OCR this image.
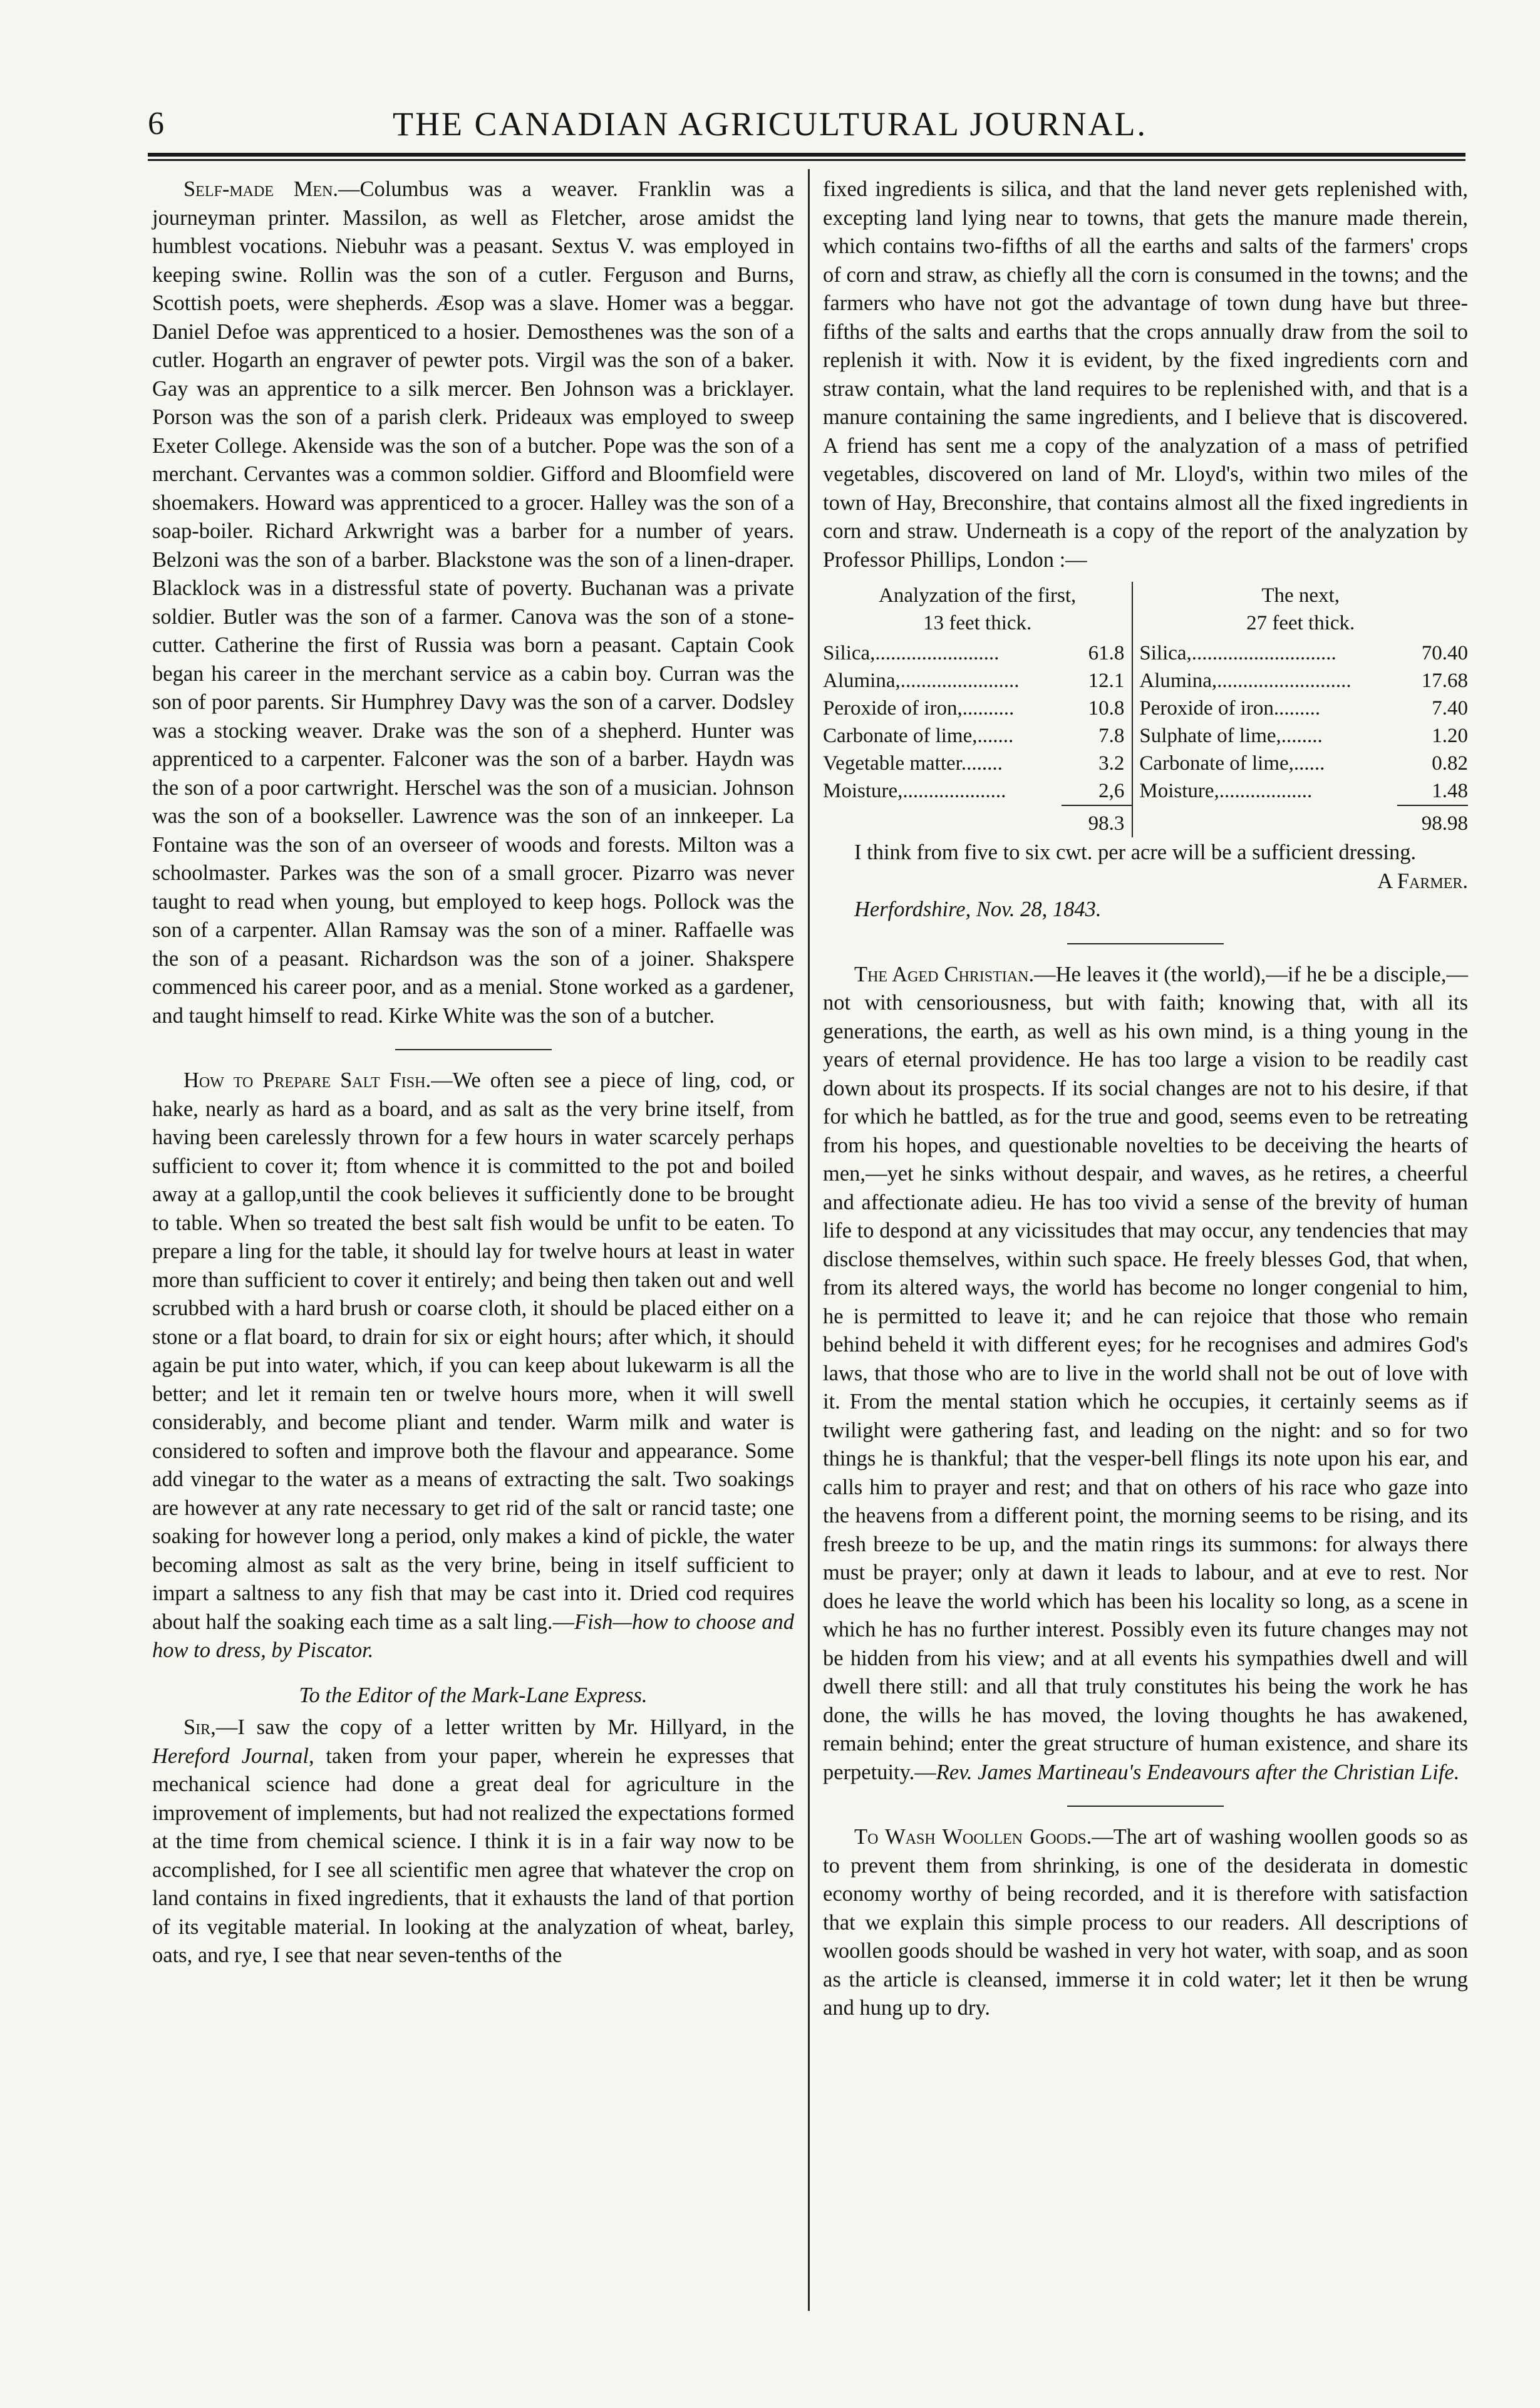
6	THE CANADIAN AGRICULTURAL JOURNAL.

Self-made Men.—Columbus was a weaver. Franklin was a journeyman printer. Massilon, as well as Fletcher, arose amidst the humblest vocations. Niebuhr was a peasant. Sextus V. was employed in keeping swine. Rollin was the son of a cutler. Ferguson and Burns, Scottish poets, were shepherds. Æsop was a slave. Homer was a beggar. Daniel Defoe was apprenticed to a hosier. Demosthenes was the son of a cutler. Hogarth an engraver of pewter pots. Virgil was the son of a baker. Gay was an apprentice to a silk mercer. Ben Johnson was a bricklayer. Porson was the son of a parish clerk. Prideaux was employed to sweep Exeter College. Akenside was the son of a butcher. Pope was the son of a merchant. Cervantes was a common soldier. Gifford and Bloomfield were shoemakers. Howard was apprenticed to a grocer. Halley was the son of a soap-boiler. Richard Arkwright was a barber for a number of years. Belzoni was the son of a barber. Blackstone was the son of a linen-draper. Blacklock was in a distressful state of poverty. Buchanan was a private soldier. Butler was the son of a farmer. Canova was the son of a stone-cutter. Catherine the first of Russia was born a peasant. Captain Cook began his career in the merchant service as a cabin boy. Curran was the son of poor parents. Sir Humphrey Davy was the son of a carver. Dodsley was a stocking weaver. Drake was the son of a shepherd. Hunter was apprenticed to a carpenter. Falconer was the son of a barber. Haydn was the son of a poor cartwright. Herschel was the son of a musician. Johnson was the son of a bookseller. Lawrence was the son of an innkeeper. La Fontaine was the son of an overseer of woods and forests. Milton was a schoolmaster. Parkes was the son of a small grocer. Pizarro was never taught to read when young, but employed to keep hogs. Pollock was the son of a carpenter. Allan Ramsay was the son of a miner. Raffaelle was the son of a peasant. Richardson was the son of a joiner. Shakspere commenced his career poor, and as a menial. Stone worked as a gardener, and taught himself to read. Kirke White was the son of a butcher.

How to Prepare Salt Fish.—We often see a piece of ling, cod, or hake, nearly as hard as a board, and as salt as the very brine itself, from having been carelessly thrown for a few hours in water scarcely perhaps sufficient to cover it; ftom whence it is committed to the pot and boiled away at a gallop,until the cook believes it sufficiently done to be brought to table. When so treated the best salt fish would be unfit to be eaten. To prepare a ling for the table, it should lay for twelve hours at least in water more than sufficient to cover it entirely; and being then taken out and well scrubbed with a hard brush or coarse cloth, it should be placed either on a stone or a flat board, to drain for six or eight hours; after which, it should again be put into water, which, if you can keep about lukewarm is all the better; and let it remain ten or twelve hours more, when it will swell considerably, and become pliant and tender. Warm milk and water is considered to soften and improve both the flavour and appearance. Some add vinegar to the water as a means of extracting the salt. Two soakings are however at any rate necessary to get rid of the salt or rancid taste; one soaking for however long a period, only makes a kind of pickle, the water becoming almost as salt as the very brine, being in itself sufficient to impart a saltness to any fish that may be cast into it. Dried cod requires about half the soaking each time as a salt ling.—Fish—how to choose and how to dress, by Piscator.

To the Editor of the Mark-Lane Express.

Sir,—I saw the copy of a letter written by Mr. Hillyard, in the Hereford Journal, taken from your paper, wherein he expresses that mechanical science had done a great deal for agriculture in the improvement of implements, but had not realized the expectations formed at the time from chemical science. I think it is in a fair way now to be accomplished, for I see all scientific men agree that whatever the crop on land contains in fixed ingredients, that it exhausts the land of that portion of its vegitable material. In looking at the analyzation of wheat, barley, oats, and rye, I see that near seven-tenths of the

fixed ingredients is silica, and that the land never gets replenished with, excepting land lying near to towns, that gets the manure made therein, which contains two-fifths of all the earths and salts of the farmers' crops of corn and straw, as chiefly all the corn is consumed in the towns; and the farmers who have not got the advantage of town dung have but three-fifths of the salts and earths that the crops annually draw from the soil to replenish it with. Now it is evident, by the fixed ingredients corn and straw contain, what the land requires to be replenished with, and that is a manure containing the same ingredients, and I believe that is discovered. A friend has sent me a copy of the analyzation of a mass of petrified vegetables, discovered on land of Mr. Lloyd's, within two miles of the town of Hay, Breconshire, that contains almost all the fixed ingredients in corn and straw. Underneath is a copy of the report of the analyzation by Professor Phillips, London :—

Analyzation of the first,
13 feet thick.		The next,
27 feet thick.	
Silica,........................	61.8	Silica,............................	70.40
Alumina,.......................	12.1	Alumina,..........................	17.68
Peroxide of iron,..........	10.8	Peroxide of iron.........	7.40
Carbonate of lime,.......	7.8	Sulphate of lime,........	1.20
Vegetable matter........	3.2	Carbonate of lime,......	0.82
Moisture,....................	2,6	Moisture,..................	1.48
	98.3		98.98

I think from five to six cwt. per acre will be a sufficient dressing.

A Farmer.

Herfordshire, Nov. 28, 1843.

The Aged Christian.—He leaves it (the world),—if he be a disciple,—not with censoriousness, but with faith; knowing that, with all its generations, the earth, as well as his own mind, is a thing young in the years of eternal providence. He has too large a vision to be readily cast down about its prospects. If its social changes are not to his desire, if that for which he battled, as for the true and good, seems even to be retreating from his hopes, and questionable novelties to be deceiving the hearts of men,—yet he sinks without despair, and waves, as he retires, a cheerful and affectionate adieu. He has too vivid a sense of the brevity of human life to despond at any vicissitudes that may occur, any tendencies that may disclose themselves, within such space. He freely blesses God, that when, from its altered ways, the world has become no longer congenial to him, he is permitted to leave it; and he can rejoice that those who remain behind beheld it with different eyes; for he recognises and admires God's laws, that those who are to live in the world shall not be out of love with it. From the mental station which he occupies, it certainly seems as if twilight were gathering fast, and leading on the night: and so for two things he is thankful; that the vesper-bell flings its note upon his ear, and calls him to prayer and rest; and that on others of his race who gaze into the heavens from a different point, the morning seems to be rising, and its fresh breeze to be up, and the matin rings its summons: for always there must be prayer; only at dawn it leads to labour, and at eve to rest. Nor does he leave the world which has been his locality so long, as a scene in which he has no further interest. Possibly even its future changes may not be hidden from his view; and at all events his sympathies dwell and will dwell there still: and all that truly constitutes his being the work he has done, the wills he has moved, the loving thoughts he has awakened, remain behind; enter the great structure of human existence, and share its perpetuity.—Rev. James Martineau's Endeavours after the Christian Life.

To Wash Woollen Goods.—The art of washing woollen goods so as to prevent them from shrinking, is one of the desiderata in domestic economy worthy of being recorded, and it is therefore with satisfaction that we explain this simple process to our readers. All descriptions of woollen goods should be washed in very hot water, with soap, and as soon as the article is cleansed, immerse it in cold water; let it then be wrung and hung up to dry.
